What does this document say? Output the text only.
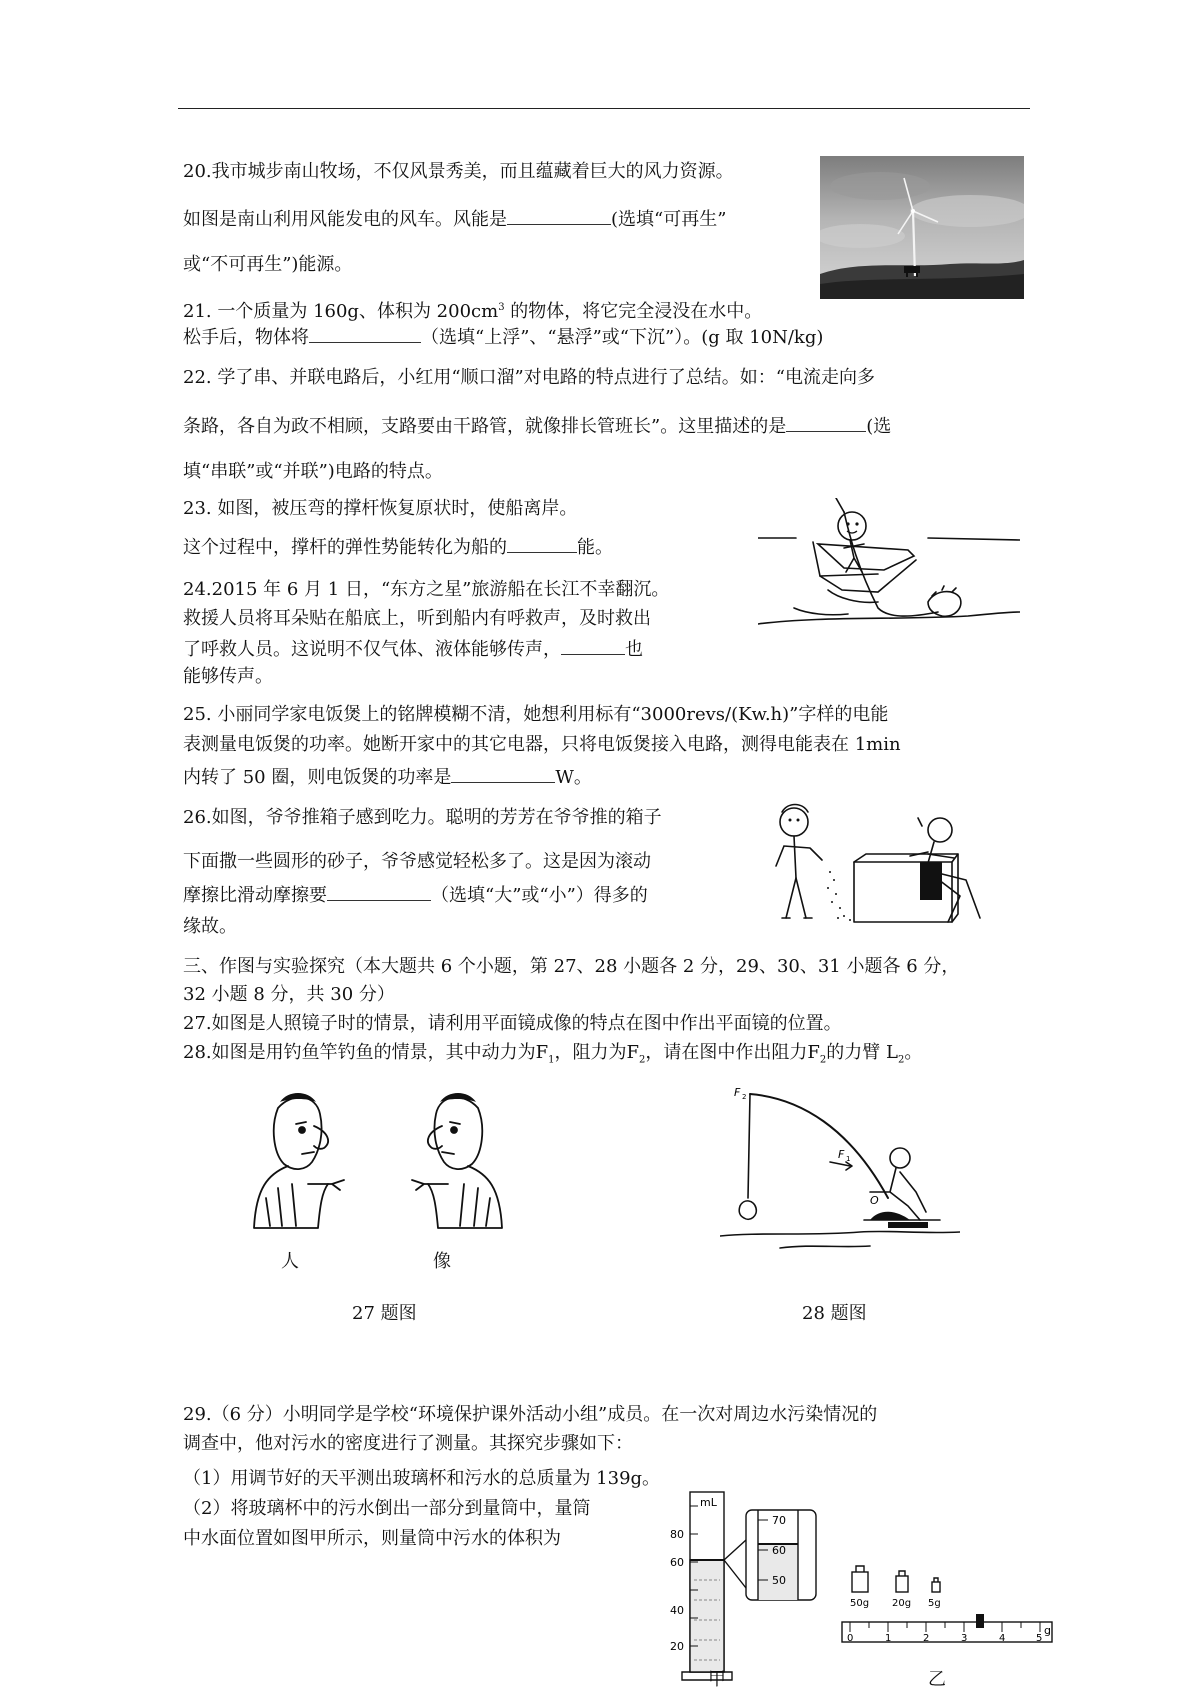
20.我市城步南山牧场，不仅风景秀美，而且蕴藏着巨大的风力资源。
如图是南山利用风能发电的风车。风能是	(选填“可再生”
或“不可再生”)能源。
21. 一个质量为 160g、体积为 $200cm^3$ 的物体，将它完全浸没在水中。
松手后，物体将	（选填“上浮”、“悬浮”或“下沉”）。(g 取 10N/kg)
22. 学了串、并联电路后，小红用“顺口溜”对电路的特点进行了总结。如：“电流走向多
条路，各自为政不相顾，支路要由干路管，就像排长管班长”。这里描述的是	(选
填“串联”或“并联”)电路的特点。
23. 如图，被压弯的撑杆恢复原状时，使船离岸。
这个过程中，撑杆的弹性势能转化为船的	能。
24.2015 年 6 月 1 日，“东方之星”旅游船在长江不幸翻沉。
救援人员将耳朵贴在船底上，听到船内有呼救声，及时救出
了呼救人员。这说明不仅气体、液体能够传声，	也
能够传声。
25. 小丽同学家电饭煲上的铭牌模糊不清，她想利用标有“3000revs/(Kw.h)”字样的电能
表测量电饭煲的功率。她断开家中的其它电器，只将电饭煲接入电路，测得电能表在 1min
内转了 50 圈，则电饭煲的功率是	W。
26.如图，爷爷推箱子感到吃力。聪明的芳芳在爷爷推的箱子
下面撒一些圆形的砂子，爷爷感觉轻松多了。这是因为滚动
摩擦比滑动摩擦要	（选填“大”或“小”）得多的
缘故。
三、作图与实验探究（本大题共 6 个小题，第 27、28 小题各 2 分，29、30、31 小题各 6 分，
32 小题 8 分，共 30 分）
27.如图是人照镜子时的情景，请利用平面镜成像的特点在图中作出平面镜的位置。
28.如图是用钓鱼竿钓鱼的情景，其中动力为$F_1$，阻力为$F_2$，请在图中作出阻力$F_2$的力臂 $L_2$。
人	像
27 题图
F 2
F 1
O
28 题图
29.（6 分）小明同学是学校“环境保护课外活动小组”成员。在一次对周边水污染情况的
调查中，他对污水的密度进行了测量。其探究步骤如下：
（1）用调节好的天平测出玻璃杯和污水的总质量为 139g。
（2）将玻璃杯中的污水倒出一部分到量筒中，量筒
中水面位置如图甲所示，则量筒中污水的体积为
mL
80
60
40
20
70
60
50
50g 20g 5g
0	1	2	3	4	5
g
甲	乙
